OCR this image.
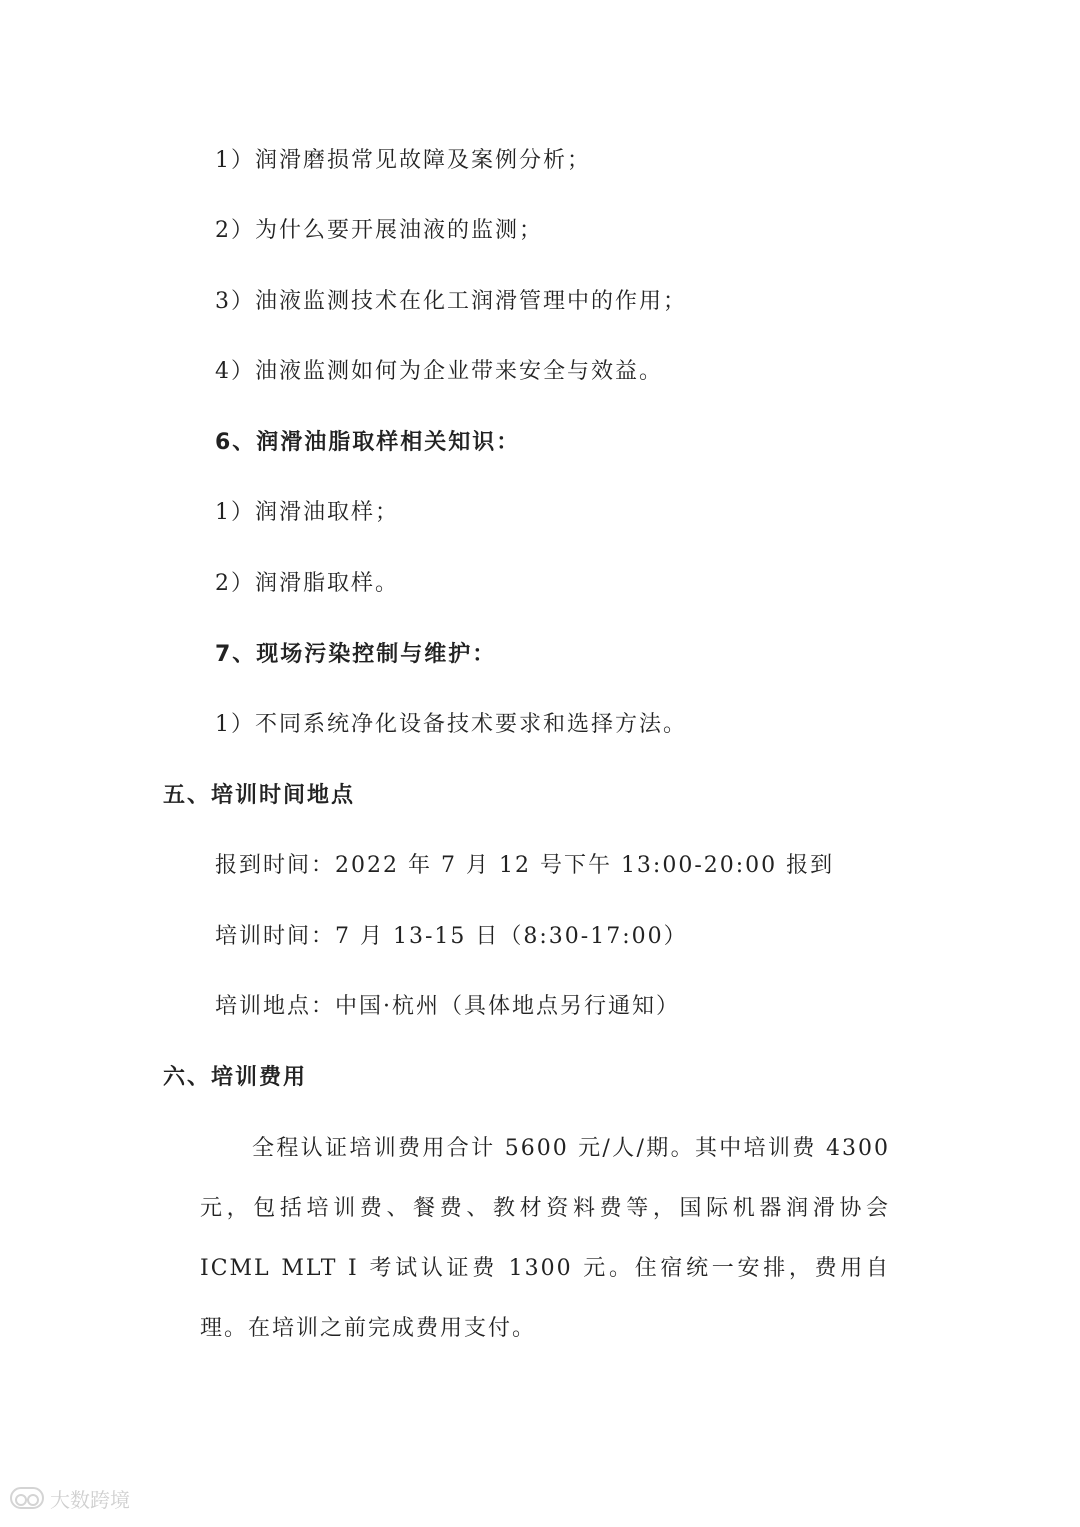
1）润滑磨损常见故障及案例分析；
2）为什么要开展油液的监测；
3）油液监测技术在化工润滑管理中的作用；
4）油液监测如何为企业带来安全与效益。
6、润滑油脂取样相关知识：
1）润滑油取样；
2）润滑脂取样。
7、现场污染控制与维护：
1）不同系统净化设备技术要求和选择方法。
五、培训时间地点
报到时间：2022 年 7 月 12 号下午 13:00-20:00 报到
培训时间：7 月 13-15 日（8:30-17:00）
培训地点：中国·杭州（具体地点另行通知）
六、培训费用
全程认证培训费用合计 5600 元/人/期。其中培训费 4300 元，包括培训费、餐费、教材资料费等，国际机器润滑协会 ICML MLT I 考试认证费 1300 元。住宿统一安排，费用自理。在培训之前完成费用支付。
大数跨境
